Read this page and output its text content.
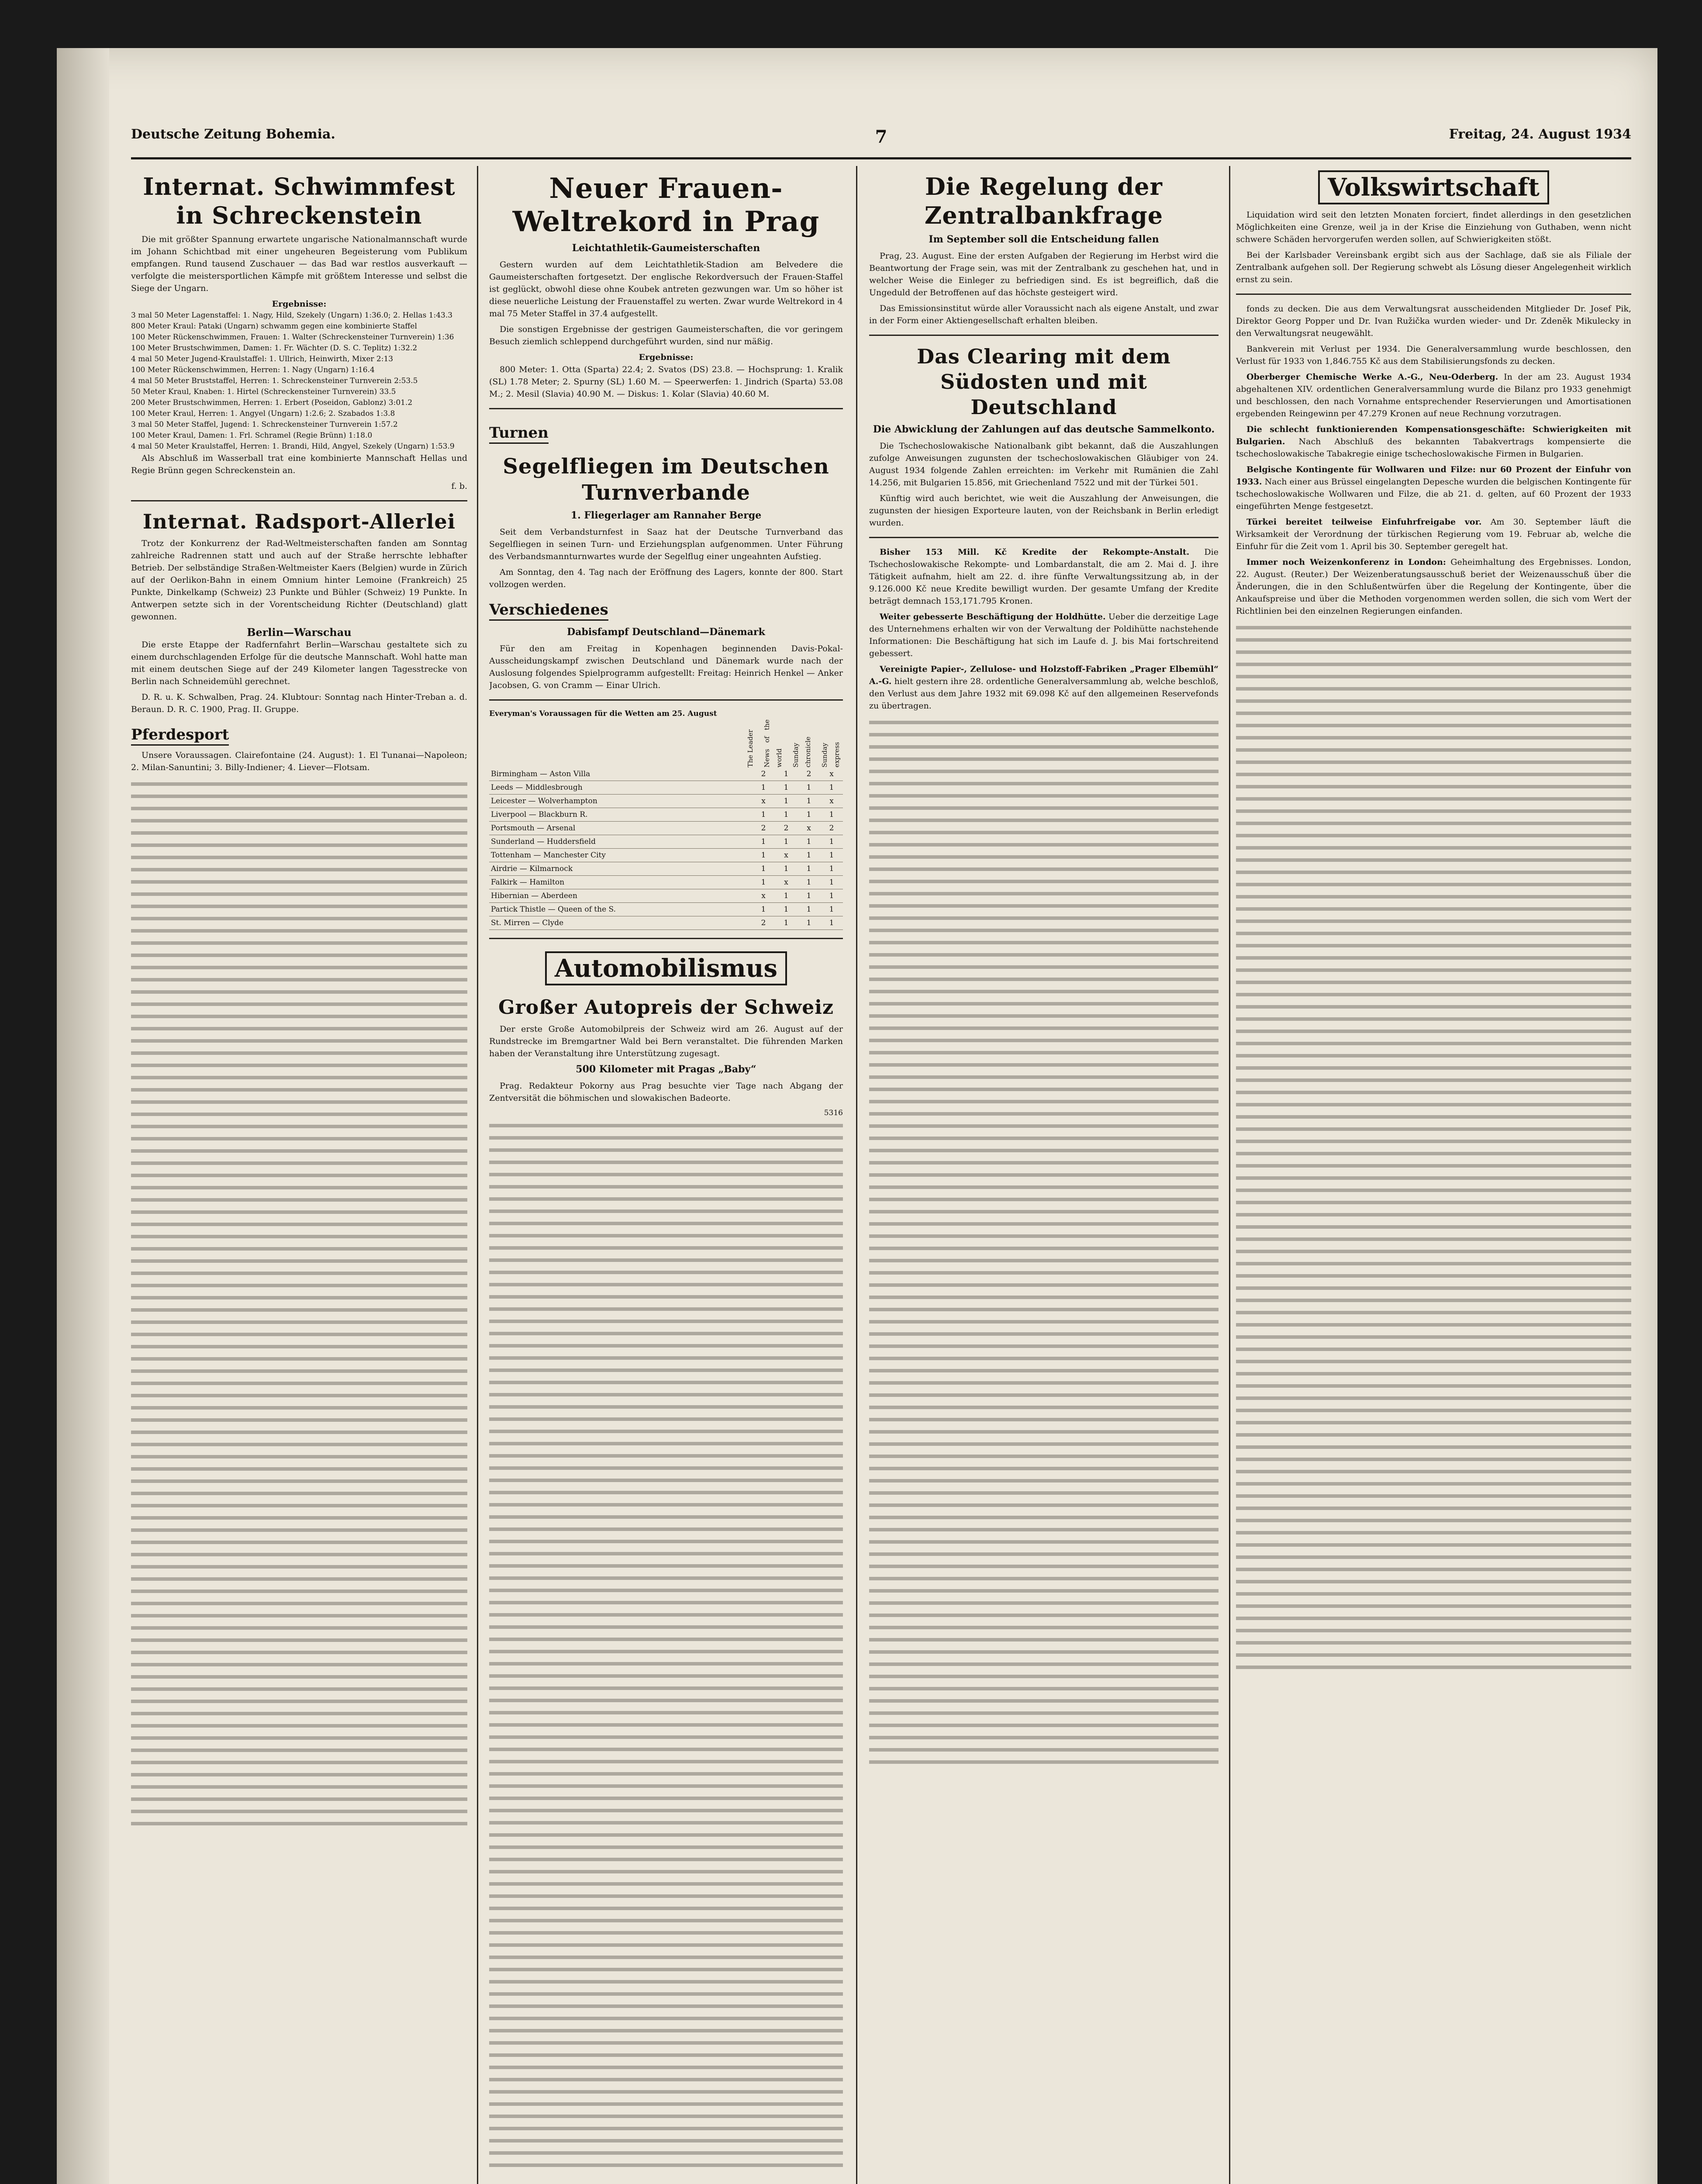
Deutsche Zeitung Bohemia.	7	Freitag, 24. August 1934
Internat. Schwimmfest in Schreckenstein

Die mit größter Spannung erwartete ungarische Nationalmannschaft wurde im Johann Schichtbad mit einer ungeheuren Begeisterung vom Publikum empfangen. Rund tausend Zuschauer — das Bad war restlos ausverkauft — verfolgte die meistersportlichen Kämpfe mit größtem Interesse und selbst die Siege der Ungarn.

Ergebnisse:
3 mal 50 Meter Lagenstaffel: 1. Nagy, Hild, Szekely (Ungarn) 1:36.0; 2. Hellas 1:43.3
800 Meter Kraul: Pataki (Ungarn) schwamm gegen eine kombinierte Staffel
100 Meter Rückenschwimmen, Frauen: 1. Walter (Schreckensteiner Turnverein) 1:36
100 Meter Brustschwimmen, Damen: 1. Fr. Wächter (D. S. C. Teplitz) 1:32.2
4 mal 50 Meter Jugend-Kraulstaffel: 1. Ullrich, Heinwirth, Mixer 2:13
100 Meter Rückenschwimmen, Herren: 1. Nagy (Ungarn) 1:16.4
4 mal 50 Meter Bruststaffel, Herren: 1. Schreckensteiner Turnverein 2:53.5
50 Meter Kraul, Knaben: 1. Hirtel (Schreckensteiner Turnverein) 33.5
200 Meter Brustschwimmen, Herren: 1. Erbert (Poseidon, Gablonz) 3:01.2
100 Meter Kraul, Herren: 1. Angyel (Ungarn) 1:2.6; 2. Szabados 1:3.8
3 mal 50 Meter Staffel, Jugend: 1. Schreckensteiner Turnverein 1:57.2
100 Meter Kraul, Damen: 1. Frl. Schramel (Regie Brünn) 1:18.0
4 mal 50 Meter Kraulstaffel, Herren: 1. Brandi, Hild, Angyel, Szekely (Ungarn) 1:53.9

Als Abschluß im Wasserball trat eine kombinierte Mannschaft Hellas und Regie Brünn gegen Schreckenstein an.

f. b.
Internat. Radsport-Allerlei

Trotz der Konkurrenz der Rad-Weltmeisterschaften fanden am Sonntag zahlreiche Radrennen statt und auch auf der Straße herrschte lebhafter Betrieb. Der selbständige Straßen-Weltmeister Kaers (Belgien) wurde in Zürich auf der Oerlikon-Bahn in einem Omnium hinter Lemoine (Frankreich) 25 Punkte, Dinkelkamp (Schweiz) 23 Punkte und Bühler (Schweiz) 19 Punkte. In Antwerpen setzte sich in der Vorentscheidung Richter (Deutschland) glatt gewonnen.

Berlin—Warschau

Die erste Etappe der Radfernfahrt Berlin—Warschau gestaltete sich zu einem durchschlagenden Erfolge für die deutsche Mannschaft. Wohl hatte man mit einem deutschen Siege auf der 249 Kilometer langen Tagesstrecke von Berlin nach Schneidemühl gerechnet.

D. R. u. K. Schwalben, Prag. 24. Klubtour: Sonntag nach Hinter-Treban a. d. Beraun. D. R. C. 1900, Prag. II. Gruppe.

Pferdesport

Unsere Voraussagen. Clairefontaine (24. August): 1. El Tunanai—Napoleon; 2. Milan-Sanuntini; 3. Billy-Indiener; 4. Liever—Flotsam.

Neuer Frauen-Weltrekord in Prag
Leichtathletik-Gaumeisterschaften

Gestern wurden auf dem Leichtathletik-Stadion am Belvedere die Gaumeisterschaften fortgesetzt. Der englische Rekordversuch der Frauen-Staffel ist geglückt, obwohl diese ohne Koubek antreten gezwungen war. Um so höher ist diese neuerliche Leistung der Frauenstaffel zu werten. Zwar wurde Weltrekord in 4 mal 75 Meter Staffel in 37.4 aufgestellt.

Die sonstigen Ergebnisse der gestrigen Gaumeisterschaften, die vor geringem Besuch ziemlich schleppend durchgeführt wurden, sind nur mäßig.

Ergebnisse:

800 Meter: 1. Otta (Sparta) 22.4; 2. Svatos (DS) 23.8. — Hochsprung: 1. Kralik (SL) 1.78 Meter; 2. Spurny (SL) 1.60 M. — Speerwerfen: 1. Jindrich (Sparta) 53.08 M.; 2. Mesil (Slavia) 40.90 M. — Diskus: 1. Kolar (Slavia) 40.60 M.

Turnen
Segelfliegen im Deutschen Turnverbande
1. Fliegerlager am Rannaher Berge

Seit dem Verbandsturnfest in Saaz hat der Deutsche Turnverband das Segelfliegen in seinen Turn- und Erziehungsplan aufgenommen. Unter Führung des Verbandsmannturnwartes wurde der Segelflug einer ungeahnten Aufstieg.

Am Sonntag, den 4. Tag nach der Eröffnung des Lagers, konnte der 800. Start vollzogen werden.

Verschiedenes
Dabisfampf Deutschland—Dänemark

Für den am Freitag in Kopenhagen beginnenden Davis-Pokal-Ausscheidungskampf zwischen Deutschland und Dänemark wurde nach der Auslosung folgendes Spielprogramm aufgestellt: Freitag: Heinrich Henkel — Anker Jacobsen, G. von Cramm — Einar Ulrich.

Everyman's Voraussagen für die Wetten am 25. August
The Leader	News of the world	Sunday chronicle	Sunday express
Birmingham — Aston Villa	2	1	2	x
Leeds — Middlesbrough	1	1	1	1
Leicester — Wolverhampton	x	1	1	x
Liverpool — Blackburn R.	1	1	1	1
Portsmouth — Arsenal	2	2	x	2
Sunderland — Huddersfield	1	1	1	1
Tottenham — Manchester City	1	x	1	1
Airdrie — Kilmarnock	1	1	1	1
Falkirk — Hamilton	1	x	1	1
Hibernian — Aberdeen	x	1	1	1
Partick Thistle — Queen of the S.	1	1	1	1
St. Mirren — Clyde	2	1	1	1
Automobilismus
Großer Autopreis der Schweiz

Der erste Große Automobilpreis der Schweiz wird am 26. August auf der Rundstrecke im Bremgartner Wald bei Bern veranstaltet. Die führenden Marken haben der Veranstaltung ihre Unterstützung zugesagt.

500 Kilometer mit Pragas „Baby“

Prag. Redakteur Pokorny aus Prag besuchte vier Tage nach Abgang der Zentversität die böhmischen und slowakischen Badeorte.

5316
Die Regelung der Zentralbankfrage
Im September soll die Entscheidung fallen

Prag, 23. August. Eine der ersten Aufgaben der Regierung im Herbst wird die Beantwortung der Frage sein, was mit der Zentralbank zu geschehen hat, und in welcher Weise die Einleger zu befriedigen sind. Es ist begreiflich, daß die Ungeduld der Betroffenen auf das höchste gesteigert wird.

Das Emissionsinstitut würde aller Voraussicht nach als eigene Anstalt, und zwar in der Form einer Aktiengesellschaft erhalten bleiben.

Das Clearing mit dem Südosten und mit Deutschland
Die Abwicklung der Zahlungen auf das deutsche Sammelkonto.

Die Tschechoslowakische Nationalbank gibt bekannt, daß die Auszahlungen zufolge Anweisungen zugunsten der tschechoslowakischen Gläubiger von 24. August 1934 folgende Zahlen erreichten: im Verkehr mit Rumänien die Zahl 14.256, mit Bulgarien 15.856, mit Griechenland 7522 und mit der Türkei 501.

Künftig wird auch berichtet, wie weit die Auszahlung der Anweisungen, die zugunsten der hiesigen Exporteure lauten, von der Reichsbank in Berlin erledigt wurden.

Bisher 153 Mill. Kč Kredite der Rekompte-Anstalt. Die Tschechoslowakische Rekompte- und Lombardanstalt, die am 2. Mai d. J. ihre Tätigkeit aufnahm, hielt am 22. d. ihre fünfte Verwaltungssitzung ab, in der 9.126.000 Kč neue Kredite bewilligt wurden. Der gesamte Umfang der Kredite beträgt demnach 153,171.795 Kronen.

Weiter gebesserte Beschäftigung der Holdhütte. Ueber die derzeitige Lage des Unternehmens erhalten wir von der Verwaltung der Poldihütte nachstehende Informationen: Die Beschäftigung hat sich im Laufe d. J. bis Mai fortschreitend gebessert.

Vereinigte Papier-, Zellulose- und Holzstoff-Fabriken „Prager Elbemühl“ A.-G. hielt gestern ihre 28. ordentliche Generalversammlung ab, welche beschloß, den Verlust aus dem Jahre 1932 mit 69.098 Kč auf den allgemeinen Reservefonds zu übertragen.

Volkswirtschaft

Liquidation wird seit den letzten Monaten forciert, findet allerdings in den gesetzlichen Möglichkeiten eine Grenze, weil ja in der Krise die Einziehung von Guthaben, wenn nicht schwere Schäden hervorgerufen werden sollen, auf Schwierigkeiten stößt.

Bei der Karlsbader Vereinsbank ergibt sich aus der Sachlage, daß sie als Filiale der Zentralbank aufgehen soll. Der Regierung schwebt als Lösung dieser Angelegenheit wirklich ernst zu sein.

fonds zu decken. Die aus dem Verwaltungsrat ausscheidenden Mitglieder Dr. Josef Pik, Direktor Georg Popper und Dr. Ivan Ružička wurden wieder- und Dr. Zdeněk Mikulecky in den Verwaltungsrat neugewählt.

Bankverein mit Verlust per 1934. Die Generalversammlung wurde beschlossen, den Verlust für 1933 von 1,846.755 Kč aus dem Stabilisierungsfonds zu decken.

Oberberger Chemische Werke A.-G., Neu-Oderberg. In der am 23. August 1934 abgehaltenen XIV. ordentlichen Generalversammlung wurde die Bilanz pro 1933 genehmigt und beschlossen, den nach Vornahme entsprechender Reservierungen und Amortisationen ergebenden Reingewinn per 47.279 Kronen auf neue Rechnung vorzutragen.

Die schlecht funktionierenden Kompensationsgeschäfte: Schwierigkeiten mit Bulgarien. Nach Abschluß des bekannten Tabakvertrags kompensierte die tschechoslowakische Tabakregie einige tschechoslowakische Firmen in Bulgarien.

Belgische Kontingente für Wollwaren und Filze: nur 60 Prozent der Einfuhr von 1933. Nach einer aus Brüssel eingelangten Depesche wurden die belgischen Kontingente für tschechoslowakische Wollwaren und Filze, die ab 21. d. gelten, auf 60 Prozent der 1933 eingeführten Menge festgesetzt.

Türkei bereitet teilweise Einfuhrfreigabe vor. Am 30. September läuft die Wirksamkeit der Verordnung der türkischen Regierung vom 19. Februar ab, welche die Einfuhr für die Zeit vom 1. April bis 30. September geregelt hat.

Immer noch Weizenkonferenz in London: Geheimhaltung des Ergebnisses. London, 22. August. (Reuter.) Der Weizenberatungsausschuß beriet der Weizenausschuß über die Änderungen, die in den Schlußentwürfen über die Regelung der Kontingente, über die Ankaufspreise und über die Methoden vorgenommen werden sollen, die sich vom Wert der Richtlinien bei den einzelnen Regierungen einfanden.
